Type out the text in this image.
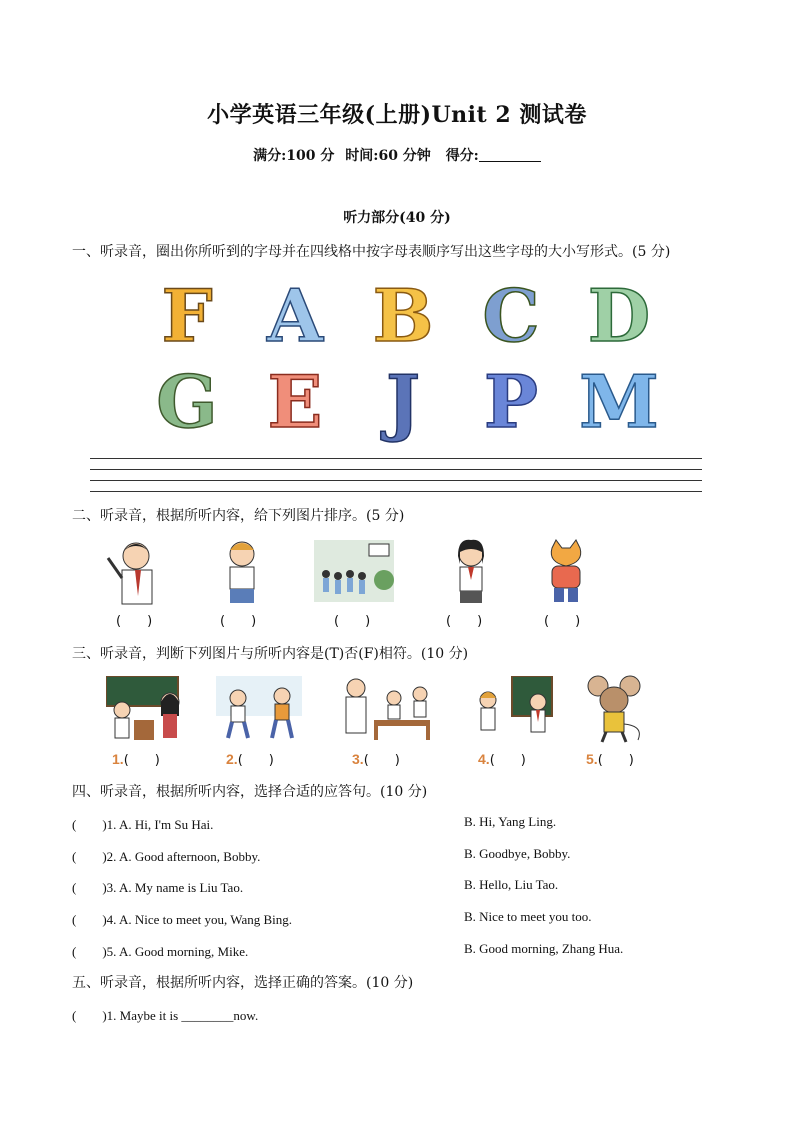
小学英语三年级(上册)Unit 2 测试卷
满分:100 分 时间:60 分钟 得分:
听力部分(40 分)
一、听录音，圈出你所听到的字母并在四线格中按字母表顺序写出这些字母的大小写形式。(5 分)
F A B C D
G E J P M
二、听录音，根据所听内容，给下列图片排序。(5 分)
(　　)	(　　)	(　　)	(　　)	(　　)
三、听录音，判断下列图片与所听内容是(T)否(F)相符。(10 分)
1.(　　)	2.(　　)	3.(　　)	4.(　　)	5.(　　)
四、听录音，根据所听内容，选择合适的应答句。(10 分)
(　　)1. A. Hi, I'm Su Hai.	B. Hi, Yang Ling.
(　　)2. A. Good afternoon, Bobby.	B. Goodbye, Bobby.
(　　)3. A. My name is Liu Tao.	B. Hello, Liu Tao.
(　　)4. A. Nice to meet you, Wang Bing.	B. Nice to meet you too.
(　　)5. A. Good morning, Mike.	B. Good morning, Zhang Hua.
五、听录音，根据所听内容，选择正确的答案。(10 分)
(　　)1. Maybe it is ________now.
